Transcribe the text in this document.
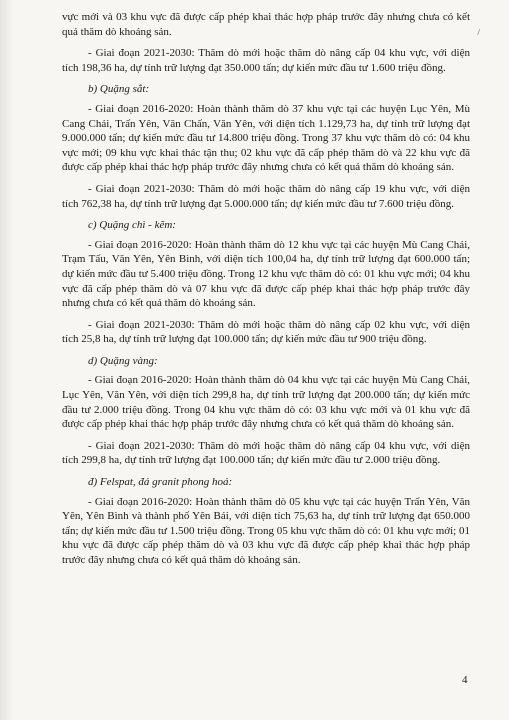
vực mới và 03 khu vực đã được cấp phép khai thác hợp pháp trước đây nhưng chưa có kết quả thăm dò khoáng sản.

- Giai đoạn 2021-2030: Thăm dò mới hoặc thăm dò nâng cấp 04 khu vực, với diện tích 198,36 ha, dự tính trữ lượng đạt 350.000 tấn; dự kiến mức đầu tư 1.600 triệu đồng.

b) Quặng sắt:

- Giai đoạn 2016-2020: Hoàn thành thăm dò 37 khu vực tại các huyện Lục Yên, Mù Cang Chải, Trấn Yên, Văn Chấn, Văn Yên, với diện tích 1.129,73 ha, dự tính trữ lượng đạt 9.000.000 tấn; dự kiến mức đầu tư 14.800 triệu đồng. Trong 37 khu vực thăm dò có: 04 khu vực mới; 09 khu vực khai thác tận thu; 02 khu vực đã cấp phép thăm dò và 22 khu vực đã được cấp phép khai thác hợp pháp trước đây nhưng chưa có kết quả thăm dò khoáng sản.

- Giai đoạn 2021-2030: Thăm dò mới hoặc thăm dò nâng cấp 19 khu vực, với diện tích 762,38 ha, dự tính trữ lượng đạt 5.000.000 tấn; dự kiến mức đầu tư 7.600 triệu đồng.

c) Quặng chì - kẽm:

- Giai đoạn 2016-2020: Hoàn thành thăm dò 12 khu vực tại các huyện Mù Cang Chải, Trạm Tấu, Văn Yên, Yên Bình, với diện tích 100,04 ha, dự tính trữ lượng đạt 600.000 tấn; dự kiến mức đầu tư 5.400 triệu đồng. Trong 12 khu vực thăm dò có: 01 khu vực mới; 04 khu vực đã cấp phép thăm dò và 07 khu vực đã được cấp phép khai thác hợp pháp trước đây nhưng chưa có kết quả thăm dò khoáng sản.

- Giai đoạn 2021-2030: Thăm dò mới hoặc thăm dò nâng cấp 02 khu vực, với diện tích 25,8 ha, dự tính trữ lượng đạt 100.000 tấn; dự kiến mức đầu tư 900 triệu đồng.

d) Quặng vàng:

- Giai đoạn 2016-2020: Hoàn thành thăm dò 04 khu vực tại các huyện Mù Cang Chải, Lục Yên, Văn Yên, với diện tích 299,8 ha, dự tính trữ lượng đạt 200.000 tấn; dự kiến mức đầu tư 2.000 triệu đồng. Trong 04 khu vực thăm dò có: 03 khu vực mới và 01 khu vực đã được cấp phép khai thác hợp pháp trước đây nhưng chưa có kết quả thăm dò khoáng sản.

- Giai đoạn 2021-2030: Thăm dò mới hoặc thăm dò nâng cấp 04 khu vực, với diện tích 299,8 ha, dự tính trữ lượng đạt 100.000 tấn; dự kiến mức đầu tư 2.000 triệu đồng.

đ) Felspat, đá granit phong hoá:

- Giai đoạn 2016-2020: Hoàn thành thăm dò 05 khu vực tại các huyện Trấn Yên, Văn Yên, Yên Bình và thành phố Yên Bái, với diện tích 75,63 ha, dự tính trữ lượng đạt 650.000 tấn; dự kiến mức đầu tư 1.500 triệu đồng. Trong 05 khu vực thăm dò có: 01 khu vực mới; 01 khu vực đã được cấp phép thăm dò và 03 khu vực đã được cấp phép khai thác hợp pháp trước đây nhưng chưa có kết quả thăm dò khoáng sản.

4
